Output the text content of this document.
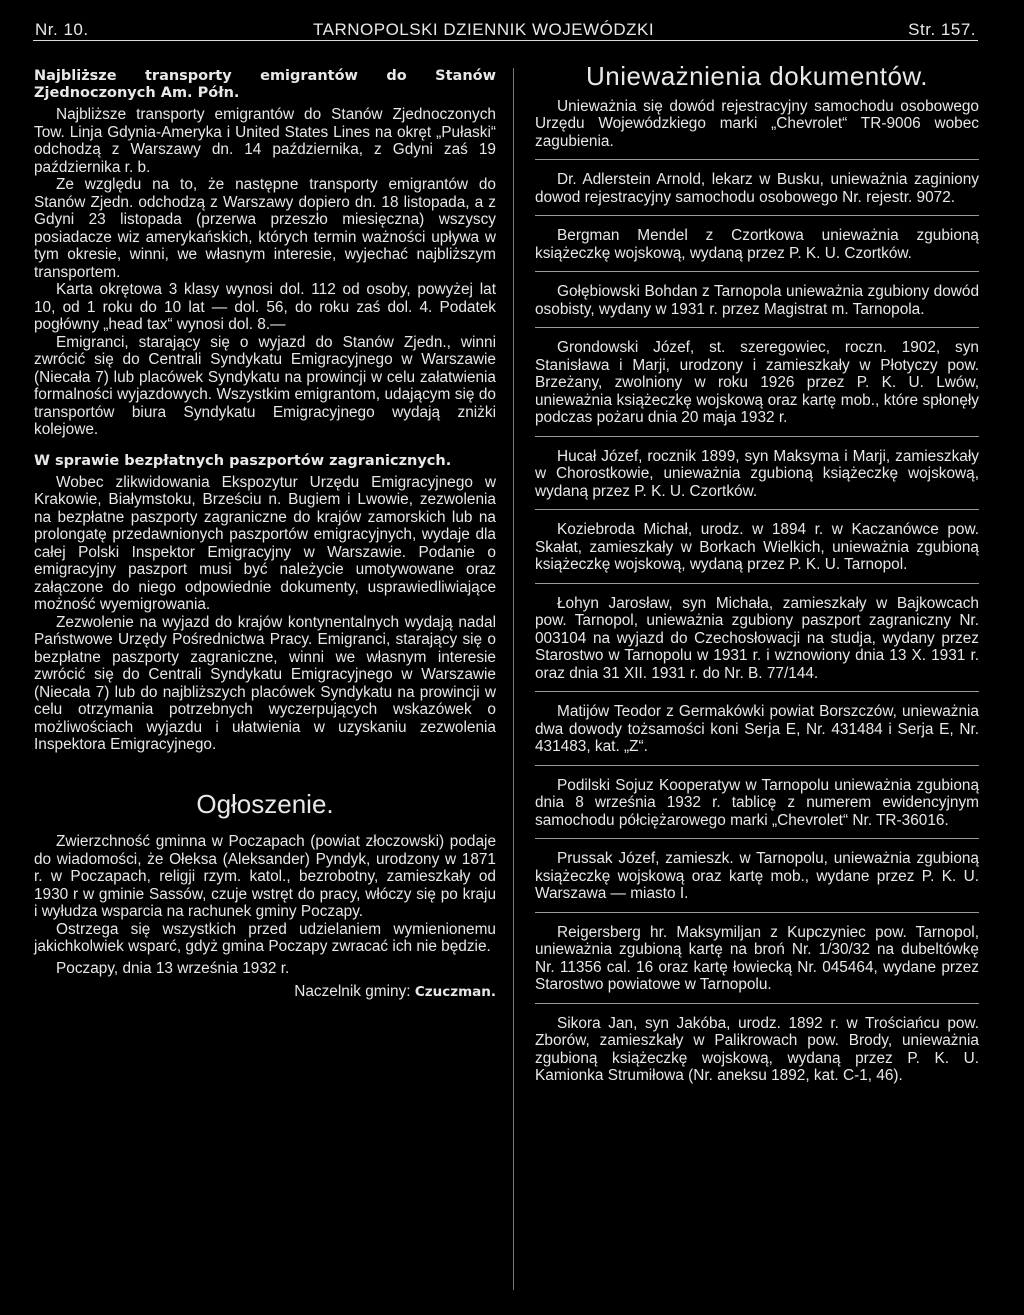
Nr. 10.	TARNOPOLSKI DZIENNIK WOJEWÓDZKI	Str. 157.

Najbliższe transporty emigrantów do Stanów Zjednoczonych Am. Półn.

Najbliższe transporty emigrantów do Stanów Zjednoczonych Tow. Linja Gdynia-Ameryka i United States Lines na okręt „Pułaski“ odchodzą z Warszawy dn. 14 października, z Gdyni zaś 19 października r. b.

Ze względu na to, że następne transporty emigrantów do Stanów Zjedn. odchodzą z Warszawy dopiero dn. 18 listopada, a z Gdyni 23 listopada (przerwa przeszło miesięczna) wszyscy posiadacze wiz amerykańskich, których termin ważności upływa w tym okresie, winni, we własnym interesie, wyjechać najbliższym transportem.

Karta okrętowa 3 klasy wynosi dol. 112 od osoby, powyżej lat 10, od 1 roku do 10 lat — dol. 56, do roku zaś dol. 4. Podatek pogłówny „head tax“ wynosi dol. 8.—

Emigranci, starający się o wyjazd do Stanów Zjedn., winni zwrócić się do Centrali Syndykatu Emigracyjnego w Warszawie (Niecała 7) lub placówek Syndykatu na prowincji w celu załatwienia formalności wyjazdowych. Wszystkim emigrantom, udającym się do transportów biura Syndykatu Emigracyjnego wydają zniżki kolejowe.

W sprawie bezpłatnych paszportów zagranicznych.

Wobec zlikwidowania Ekspozytur Urzędu Emigracyjnego w Krakowie, Białymstoku, Brześciu n. Bugiem i Lwowie, zezwolenia na bezpłatne paszporty zagraniczne do krajów zamorskich lub na prolongatę przedawnionych paszportów emigracyjnych, wydaje dla całej Polski Inspektor Emigracyjny w Warszawie. Podanie o emigracyjny paszport musi być należycie umotywowane oraz załączone do niego odpowiednie dokumenty, usprawiedliwiające możność wyemigrowania.

Zezwolenie na wyjazd do krajów kontynentalnych wydają nadal Państwowe Urzędy Pośrednictwa Pracy. Emigranci, starający się o bezpłatne paszporty zagraniczne, winni we własnym interesie zwrócić się do Centrali Syndykatu Emigracyjnego w Warszawie (Niecała 7) lub do najbliższych placówek Syndykatu na prowincji w celu otrzymania potrzebnych wyczerpujących wskazówek o możliwościach wyjazdu i ułatwienia w uzyskaniu zezwolenia Inspektora Emigracyjnego.

Ogłoszenie.

Zwierzchność gminna w Poczapach (powiat złoczowski) podaje do wiadomości, że Ołeksa (Aleksander) Pyndyk, urodzony w 1871 r. w Poczapach, religji rzym. katol., bezrobotny, zamieszkały od 1930 r w gminie Sassów, czuje wstręt do pracy, włóczy się po kraju i wyłudza wsparcia na rachunek gminy Poczapy.

Ostrzega się wszystkich przed udzielaniem wymienionemu jakichkolwiek wsparć, gdyż gmina Poczapy zwracać ich nie będzie.

Poczapy, dnia 13 września 1932 r.

Naczelnik gminy: Czuczman.

Unieważnienia dokumentów.

Unieważnia się dowód rejestracyjny samochodu osobowego Urzędu Wojewódzkiego marki „Chevrolet“ TR-9006 wobec zagubienia.

Dr. Adlerstein Arnold, lekarz w Busku, unieważnia zaginiony dowod rejestracyjny samochodu osobowego Nr. rejestr. 9072.

Bergman Mendel z Czortkowa unieważnia zgubioną książeczkę wojskową, wydaną przez P. K. U. Czortków.

Gołębiowski Bohdan z Tarnopola unieważnia zgubiony dowód osobisty, wydany w 1931 r. przez Magistrat m. Tarnopola.

Grondowski Józef, st. szeregowiec, roczn. 1902, syn Stanisława i Marji, urodzony i zamieszkały w Płotyczy pow. Brzeżany, zwolniony w roku 1926 przez P. K. U. Lwów, unieważnia książeczkę wojskową oraz kartę mob., które spłonęły podczas pożaru dnia 20 maja 1932 r.

Hucał Józef, rocznik 1899, syn Maksyma i Marji, zamieszkały w Chorostkowie, unieważnia zgubioną książeczkę wojskową, wydaną przez P. K. U. Czortków.

Koziebroda Michał, urodz. w 1894 r. w Kaczanówce pow. Skałat, zamieszkały w Borkach Wielkich, unieważnia zgubioną książeczkę wojskową, wydaną przez P. K. U. Tarnopol.

Łohyn Jarosław, syn Michała, zamieszkały w Bajkowcach pow. Tarnopol, unieważnia zgubiony paszport zagraniczny Nr. 003104 na wyjazd do Czechosłowacji na studja, wydany przez Starostwo w Tarnopolu w 1931 r. i wznowiony dnia 13 X. 1931 r. oraz dnia 31 XII. 1931 r. do Nr. B. 77/144.

Matijów Teodor z Germakówki powiat Borszczów, unieważnia dwa dowody tożsamości koni Serja E, Nr. 431484 i Serja E, Nr. 431483, kat. „Z“.

Podilski Sojuz Kooperatyw w Tarnopolu unieważnia zgubioną dnia 8 września 1932 r. tablicę z numerem ewidencyjnym samochodu półciężarowego marki „Chevrolet“ Nr. TR-36016.

Prussak Józef, zamieszk. w Tarnopolu, unieważnia zgubioną książeczkę wojskową oraz kartę mob., wydane przez P. K. U. Warszawa — miasto I.

Reigersberg hr. Maksymiljan z Kupczyniec pow. Tarnopol, unieważnia zgubioną kartę na broń Nr. 1/30/32 na dubeltówkę Nr. 11356 cal. 16 oraz kartę łowiecką Nr. 045464, wydane przez Starostwo powiatowe w Tarnopolu.

Sikora Jan, syn Jakóba, urodz. 1892 r. w Trościańcu pow. Zborów, zamieszkały w Palikrowach pow. Brody, unieważnia zgubioną książeczkę wojskową, wydaną przez P. K. U. Kamionka Strumiłowa (Nr. aneksu 1892, kat. C-1, 46).
